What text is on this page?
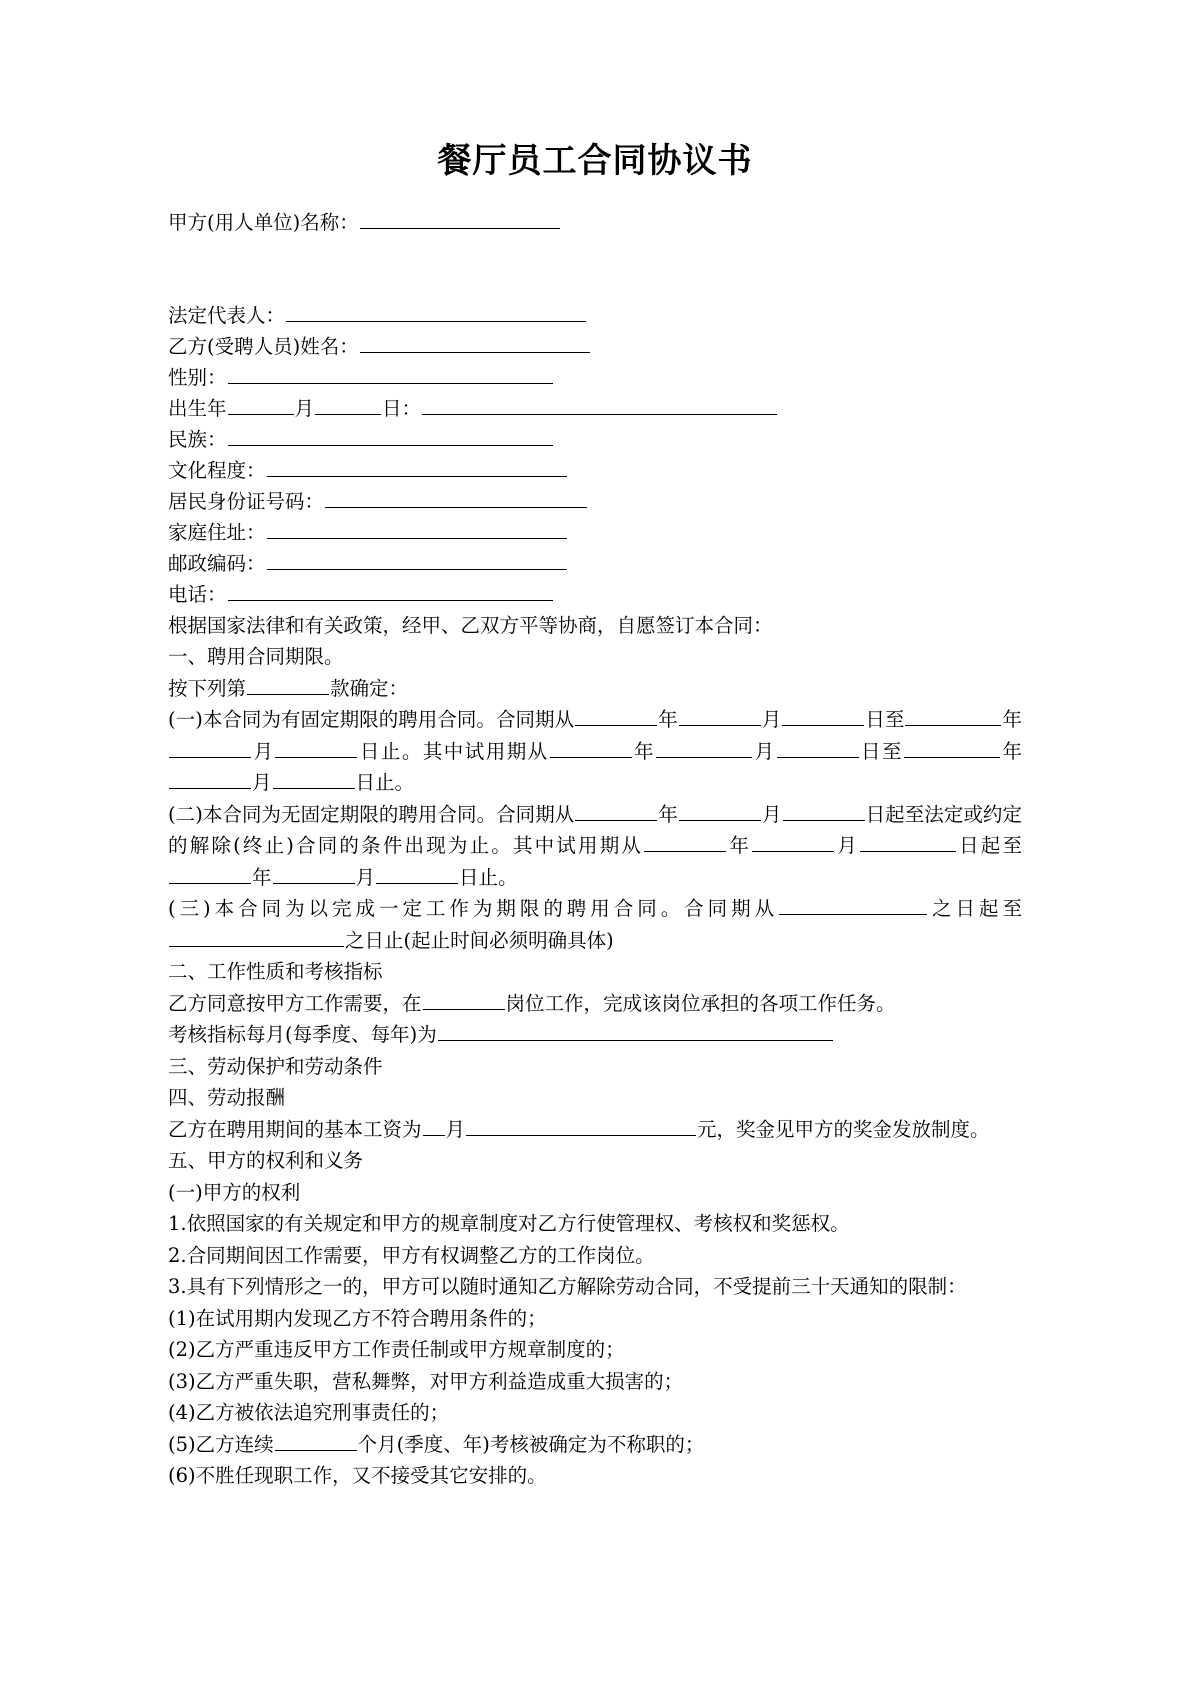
餐厅员工合同协议书

甲方(用人单位)名称：

法定代表人：

乙方(受聘人员)姓名：

性别：

出生年	月	日：

民族：

文化程度：

居民身份证号码：

家庭住址：

邮政编码：

电话：

根据国家法律和有关政策，经甲、乙双方平等协商，自愿签订本合同：

一、聘用合同期限。

按下列第	款确定：

(一)本合同为有固定期限的聘用合同。合同期从	年	月	日至	年月	日止。其中试用期从	年	月	日至	年月	日止。

(二)本合同为无固定期限的聘用合同。合同期从	年	月	日起至法定或约定的解除(终止)合同的条件出现为止。其中试用期从	年	月	日起至年	月	日止。

(三)本合同为以完成一定工作为期限的聘用合同。合同期从	之日起至之日止(起止时间必须明确具体)

二、工作性质和考核指标

乙方同意按甲方工作需要，在	岗位工作，完成该岗位承担的各项工作任务。

考核指标每月(每季度、每年)为

三、劳动保护和劳动条件

四、劳动报酬

乙方在聘用期间的基本工资为 月	元，奖金见甲方的奖金发放制度。

五、甲方的权利和义务

(一)甲方的权利

1.依照国家的有关规定和甲方的规章制度对乙方行使管理权、考核权和奖惩权。

2.合同期间因工作需要，甲方有权调整乙方的工作岗位。

3.具有下列情形之一的，甲方可以随时通知乙方解除劳动合同，不受提前三十天通知的限制：

(1)在试用期内发现乙方不符合聘用条件的；

(2)乙方严重违反甲方工作责任制或甲方规章制度的；

(3)乙方严重失职，营私舞弊，对甲方利益造成重大损害的；

(4)乙方被依法追究刑事责任的；

(5)乙方连续	个月(季度、年)考核被确定为不称职的；

(6)不胜任现职工作，又不接受其它安排的。
